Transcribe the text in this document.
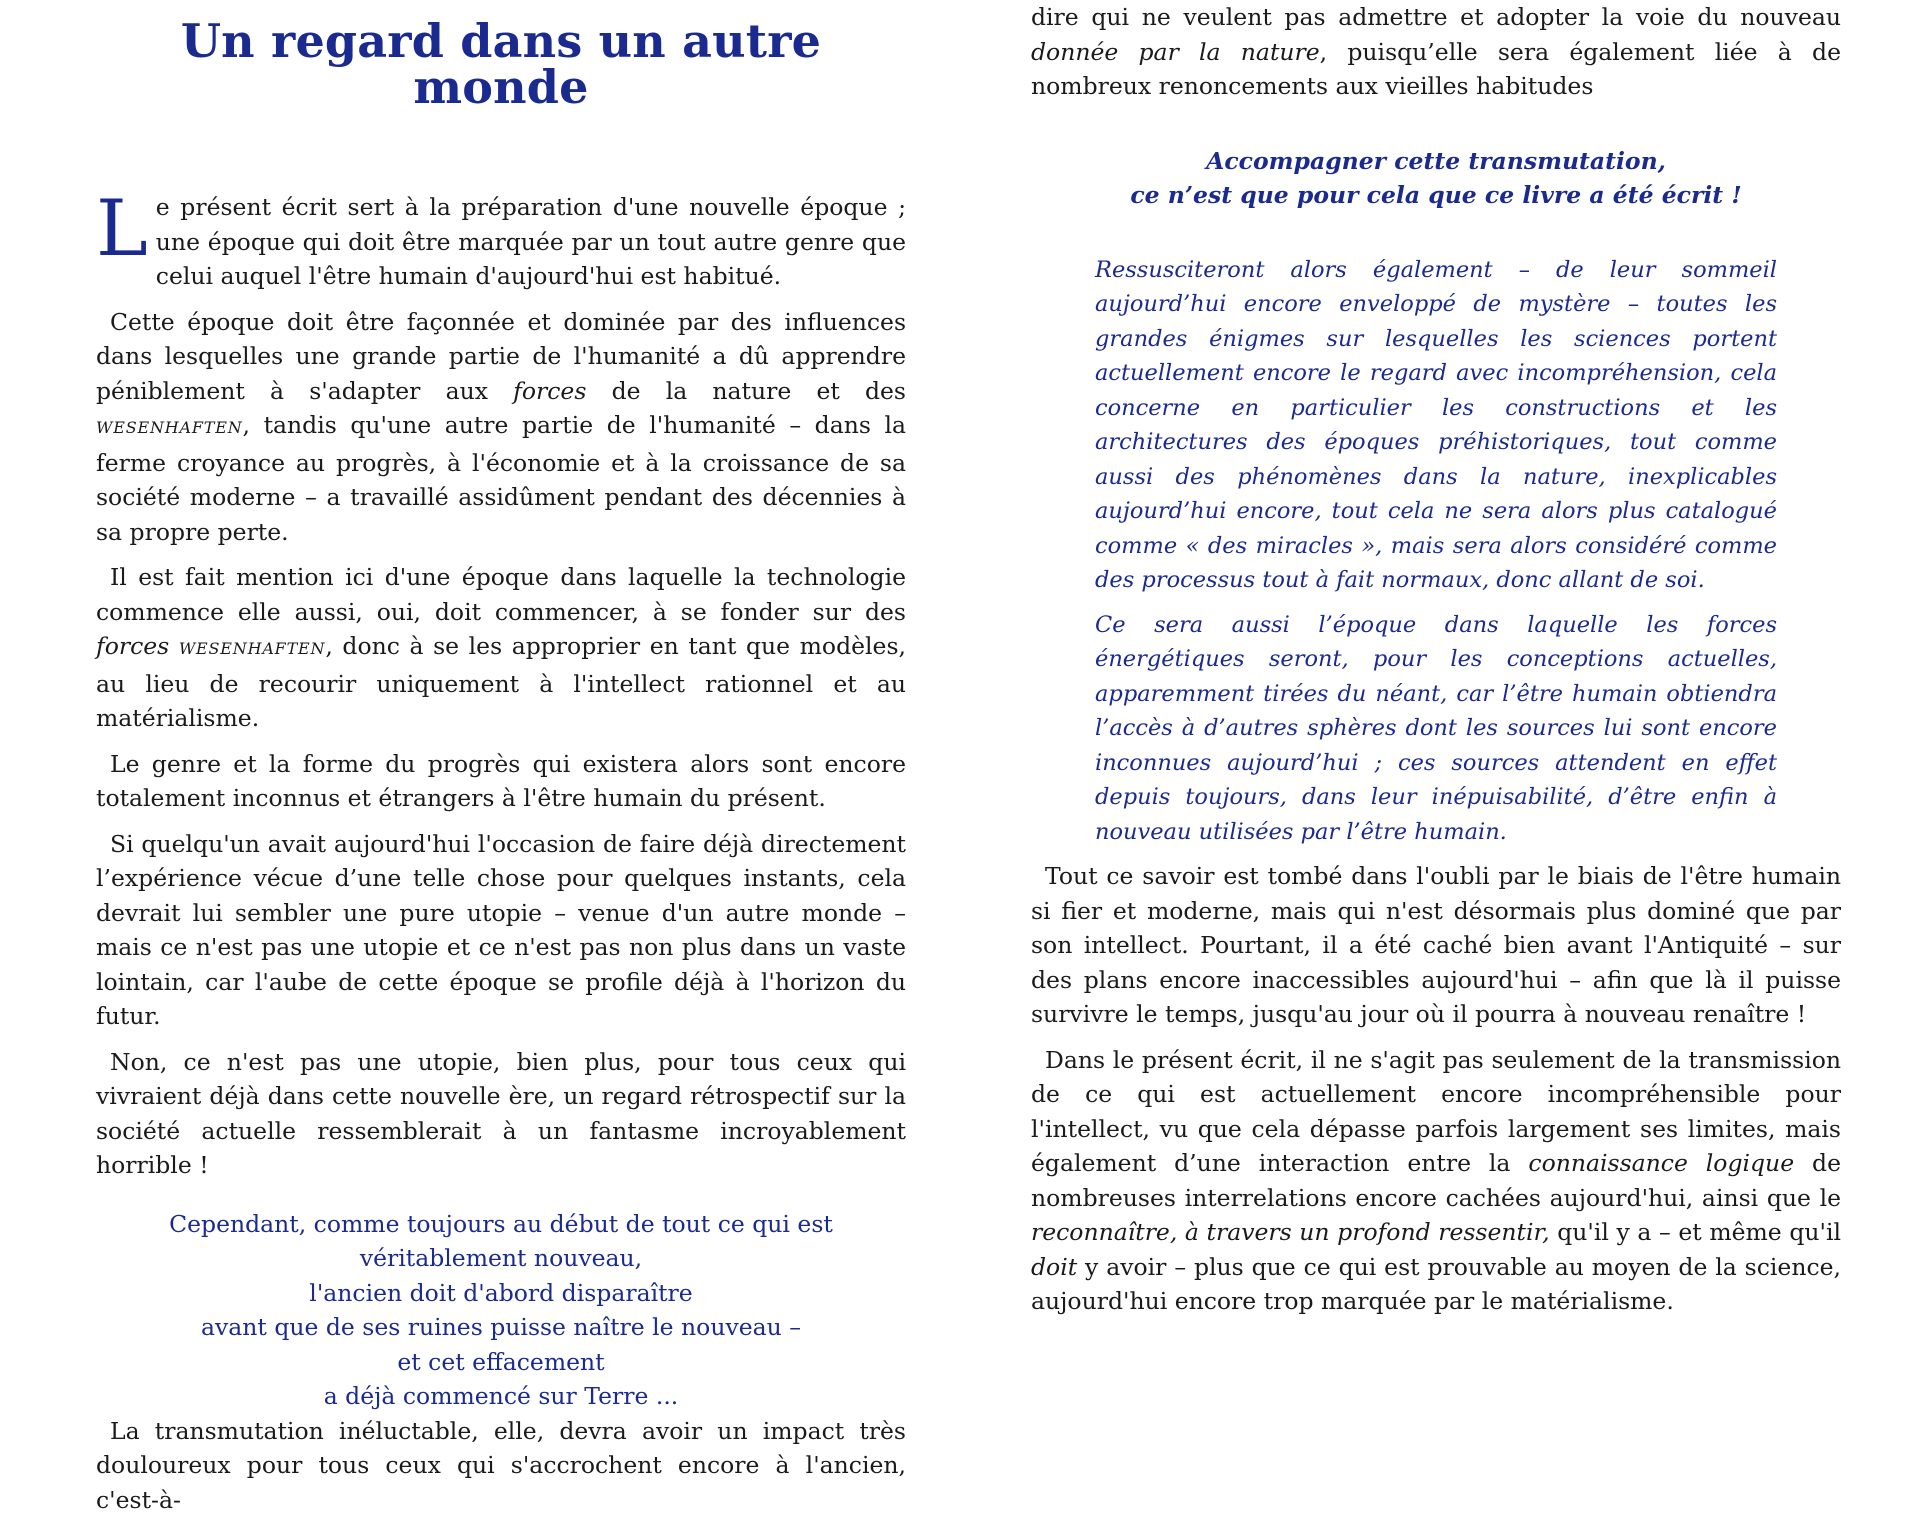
Un regard dans un autre monde

Le présent écrit sert à la préparation d'une nouvelle époque ; une époque qui doit être marquée par un tout autre genre que celui auquel l'être humain d'aujourd'hui est habitué.

Cette époque doit être façonnée et dominée par des influences dans lesquelles une grande partie de l'humanité a dû apprendre péniblement à s'adapter aux forces de la nature et des WESENHAFTEN, tandis qu'une autre partie de l'humanité – dans la ferme croyance au progrès, à l'économie et à la croissance de sa société moderne – a travaillé assidûment pendant des décennies à sa propre perte.

Il est fait mention ici d'une époque dans laquelle la technologie commence elle aussi, oui, doit commencer, à se fonder sur des forces WESENHAFTEN, donc à se les approprier en tant que modèles, au lieu de recourir uniquement à l'intellect rationnel et au matérialisme.

Le genre et la forme du progrès qui existera alors sont encore totalement inconnus et étrangers à l'être humain du présent.

Si quelqu'un avait aujourd'hui l'occasion de faire déjà directement l’expérience vécue d’une telle chose pour quelques instants, cela devrait lui sembler une pure utopie – venue d'un autre monde – mais ce n'est pas une utopie et ce n'est pas non plus dans un vaste lointain, car l'aube de cette époque se profile déjà à l'horizon du futur.

Non, ce n'est pas une utopie, bien plus, pour tous ceux qui vivraient déjà dans cette nouvelle ère, un regard rétrospectif sur la société actuelle ressemblerait à un fantasme incroyablement horrible !

Cependant, comme toujours au début de tout ce qui est véritablement nouveau,
l'ancien doit d'abord disparaître
avant que de ses ruines puisse naître le nouveau –
et cet effacement
a déjà commencé sur Terre ...

La transmutation inéluctable, elle, devra avoir un impact très douloureux pour tous ceux qui s'accrochent encore à l'ancien, c'est-à-

dire qui ne veulent pas admettre et adopter la voie du nouveau donnée par la nature, puisqu’elle sera également liée à de nombreux renoncements aux vieilles habitudes

Accompagner cette transmutation,
ce n’est que pour cela que ce livre a été écrit !

Ressusciteront alors également – de leur sommeil aujourd’hui encore enveloppé de mystère – toutes les grandes énigmes sur lesquelles les sciences portent actuellement encore le regard avec incompréhension, cela concerne en particulier les constructions et les architectures des époques préhistoriques, tout comme aussi des phénomènes dans la nature, inexplicables aujourd’hui encore, tout cela ne sera alors plus catalogué comme « des miracles », mais sera alors considéré comme des processus tout à fait normaux, donc allant de soi.

Ce sera aussi l’époque dans laquelle les forces énergétiques seront, pour les conceptions actuelles, apparemment tirées du néant, car l’être humain obtiendra l’accès à d’autres sphères dont les sources lui sont encore inconnues aujourd’hui ; ces sources attendent en effet depuis toujours, dans leur inépuisabilité, d’être enfin à nouveau utilisées par l’être humain.

Tout ce savoir est tombé dans l'oubli par le biais de l'être humain si fier et moderne, mais qui n'est désormais plus dominé que par son intellect. Pourtant, il a été caché bien avant l'Antiquité – sur des plans encore inaccessibles aujourd'hui – afin que là il puisse survivre le temps, jusqu'au jour où il pourra à nouveau renaître !

Dans le présent écrit, il ne s'agit pas seulement de la transmission de ce qui est actuellement encore incompréhensible pour l'intellect, vu que cela dépasse parfois largement ses limites, mais également d’une interaction entre la connaissance logique de nombreuses interrelations encore cachées aujourd'hui, ainsi que le reconnaître, à travers un profond ressentir, qu'il y a – et même qu'il doit y avoir – plus que ce qui est prouvable au moyen de la science, aujourd'hui encore trop marquée par le matérialisme.
